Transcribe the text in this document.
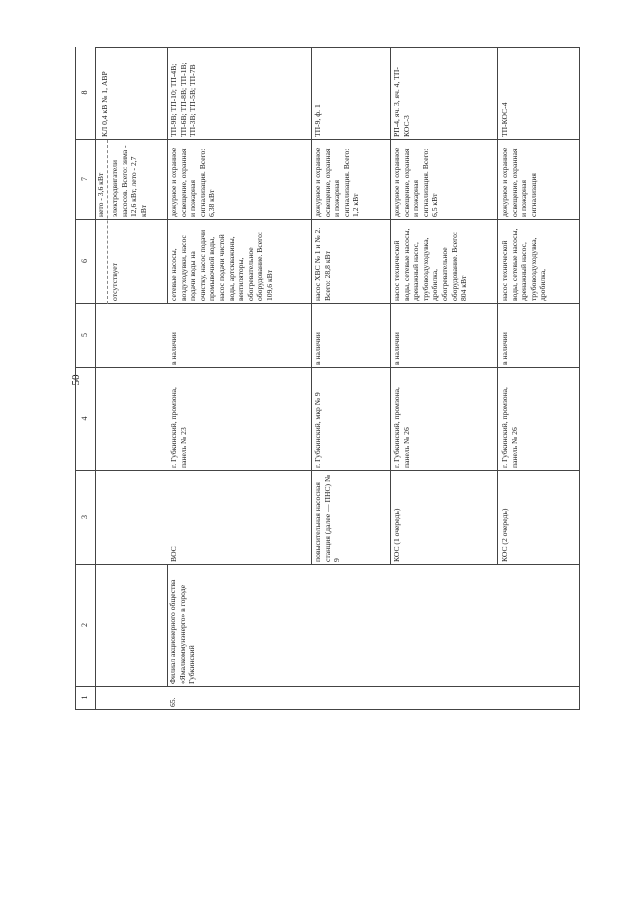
50
1
2
3
4
5
6
7
8
нето - 3,6 кВт
отсутствует
электродвигатели насосов. Всего: зима - 12,6 кВт, лето - 2,7 кВт
КЛ 0,4 кВ № 1, АВР
65.
Филиал акционерного общества «Ямалкоммунэнерго» в городе Губкинский
ВОС
г. Губкинский, промзона, панель № 23
в наличии
сетевые насосы, воздуходувки, насос подачи воды на очистку, насос подачи промывочной воды, насос подачи чистой воды, артскважины, вентиляторы, обогревательное оборудование. Всего: 109,6 кВт
дежурное и охранное освещение, охранная и пожарная сигнализация. Всего: 6,38 кВт
ТП-9В; ТП-10; ТП-4В; ТП-6В; ТП-8В; ТП-1В; ТП-3В; ТП-5В; ТП-7В
повысительная насосная станция (далее — ПНС) № 9
г. Губкинский, мкр № 9
в наличии
насос ХВС № 1 и № 2. Всего: 28,8 кВт
дежурное и охранное освещение, охранная и пожарная сигнализация. Всего: 1,2 кВт
ТП-9, ф. 1
КОС (1 очередь)
г. Губкинский, промзона, панель № 26
в наличии
насос технической воды, сетевые насосы, дренажный насос, трубовоздуходувка, дробилка, обогревательное оборудование. Всего: 804 кВт
дежурное и охранное освещение, охранная и пожарная сигнализация. Всего: 6,5 кВт
РП-4, яч. 3, яч. 4, ТП-КОС-3
КОС (2 очередь)
г. Губкинский, промзона, панель № 26
в наличии
насос технической воды, сетевые насосы, дренажный насос, трубовоздуходувка, дробилка,
дежурное и охранное освещение, охранная и пожарная сигнализация
ТП-КОС-4
